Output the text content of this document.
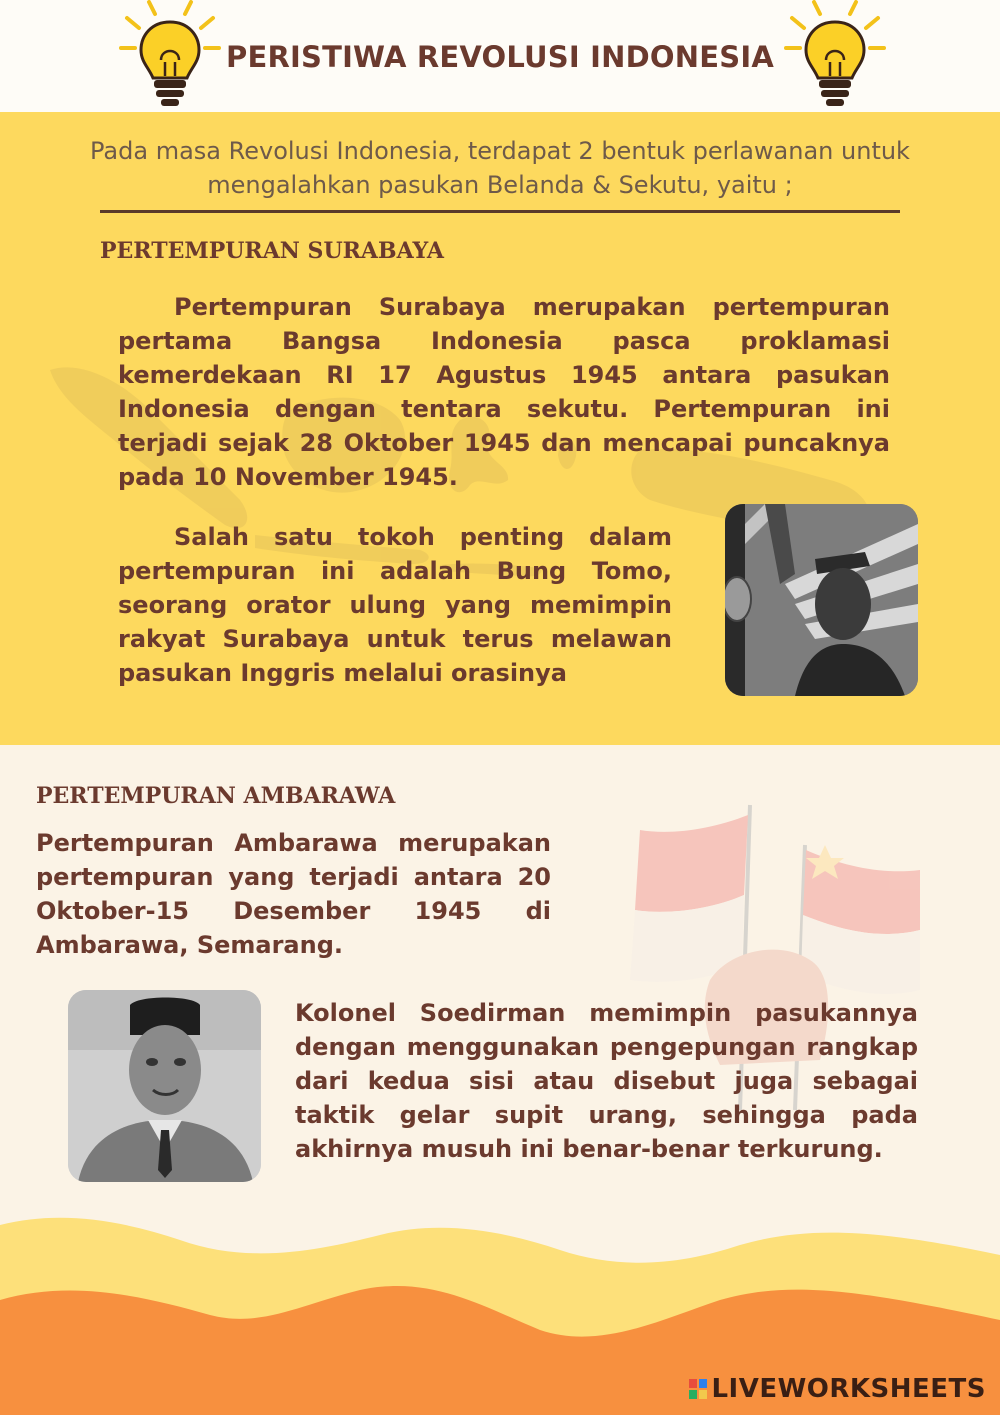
PERISTIWA REVOLUSI INDONESIA
Pada masa Revolusi Indonesia, terdapat 2 bentuk perlawanan untuk mengalahkan pasukan Belanda & Sekutu, yaitu ;
PERTEMPURAN SURABAYA
Pertempuran Surabaya merupakan pertempuran pertama Bangsa Indonesia pasca proklamasi kemerdekaan RI 17 Agustus 1945 antara pasukan Indonesia dengan tentara sekutu. Pertempuran ini terjadi sejak 28 Oktober 1945 dan mencapai puncaknya pada 10 November 1945.
Salah satu tokoh penting dalam pertempuran ini adalah Bung Tomo, seorang orator ulung yang memimpin rakyat Surabaya untuk terus melawan pasukan Inggris melalui orasinya
PERTEMPURAN AMBARAWA
Pertempuran Ambarawa merupakan pertempuran yang terjadi antara 20 Oktober-15 Desember 1945 di Ambarawa, Semarang.
Kolonel Soedirman memimpin pasukannya dengan menggunakan pengepungan rangkap dari kedua sisi atau disebut juga sebagai taktik gelar supit urang, sehingga pada akhirnya musuh ini benar-benar terkurung.
LIVEWORKSHEETS
